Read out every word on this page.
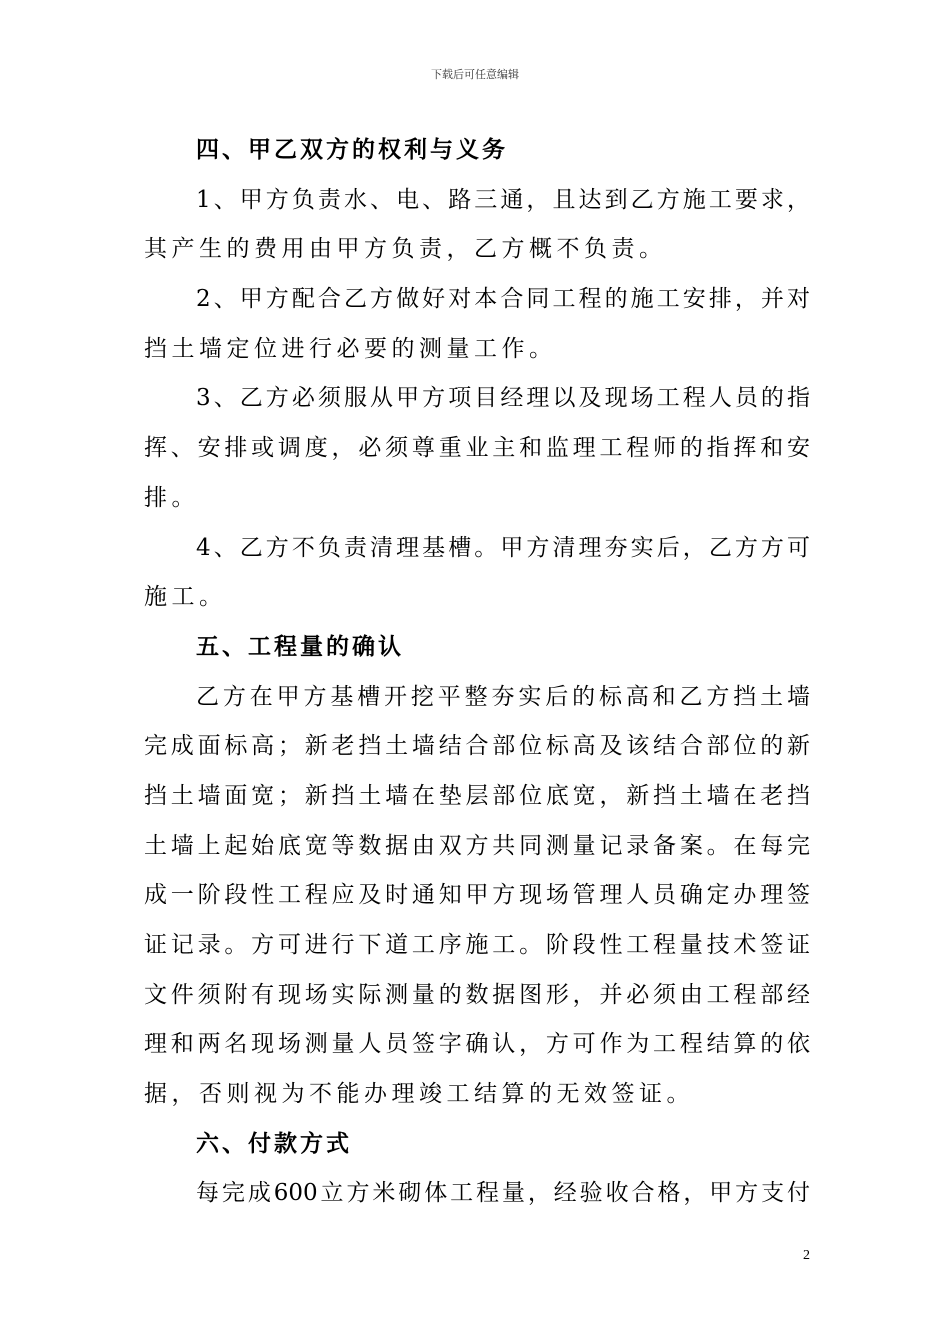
下载后可任意编辑
四、甲乙双方的权利与义务
1、甲方负责水、电、路三通，且达到乙方施工要求，
其产生的费用由甲方负责，乙方概不负责。
2、甲方配合乙方做好对本合同工程的施工安排，并对
挡土墙定位进行必要的测量工作。
3、乙方必须服从甲方项目经理以及现场工程人员的指
挥、安排或调度，必须尊重业主和监理工程师的指挥和安
排。
4、乙方不负责清理基槽。甲方清理夯实后，乙方方可
施工。
五、工程量的确认
乙方在甲方基槽开挖平整夯实后的标高和乙方挡土墙
完成面标高；新老挡土墙结合部位标高及该结合部位的新
挡土墙面宽；新挡土墙在垫层部位底宽，新挡土墙在老挡
土墙上起始底宽等数据由双方共同测量记录备案。在每完
成一阶段性工程应及时通知甲方现场管理人员确定办理签
证记录。方可进行下道工序施工。阶段性工程量技术签证
文件须附有现场实际测量的数据图形，并必须由工程部经
理和两名现场测量人员签字确认，方可作为工程结算的依
据，否则视为不能办理竣工结算的无效签证。
六、付款方式
每完成600立方米砌体工程量，经验收合格，甲方支付
2
